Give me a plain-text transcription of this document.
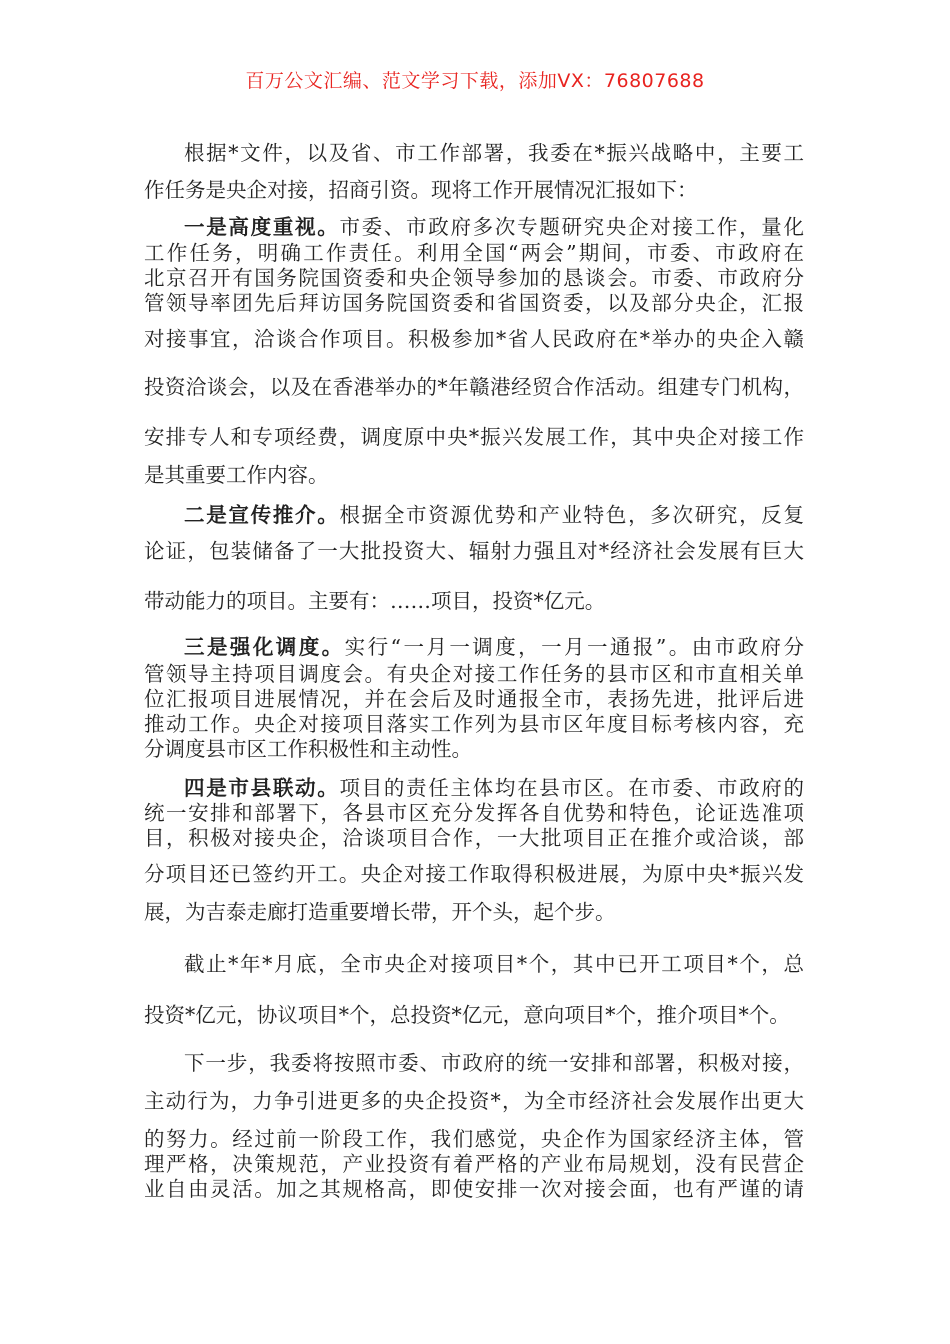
百万公文汇编、范文学习下载，添加VX：76807688
根据*文件，以及省、市工作部署，我委在*振兴战略中，主要工
作任务是央企对接，招商引资。现将工作开展情况汇报如下：
一是高度重视。市委、市政府多次专题研究央企对接工作，量化
工作任务，明确工作责任。利用全国“两会”期间，市委、市政府在
北京召开有国务院国资委和央企领导参加的恳谈会。市委、市政府分
管领导率团先后拜访国务院国资委和省国资委，以及部分央企，汇报
对接事宜，洽谈合作项目。积极参加*省人民政府在*举办的央企入赣
投资洽谈会，以及在香港举办的*年赣港经贸合作活动。组建专门机构，
安排专人和专项经费，调度原中央*振兴发展工作，其中央企对接工作
是其重要工作内容。
二是宣传推介。根据全市资源优势和产业特色，多次研究，反复
论证，包装储备了一大批投资大、辐射力强且对*经济社会发展有巨大
带动能力的项目。主要有：……项目，投资*亿元。
三是强化调度。实行“一月一调度，一月一通报”。由市政府分
管领导主持项目调度会。有央企对接工作任务的县市区和市直相关单
位汇报项目进展情况，并在会后及时通报全市，表扬先进，批评后进
推动工作。央企对接项目落实工作列为县市区年度目标考核内容，充
分调度县市区工作积极性和主动性。
四是市县联动。项目的责任主体均在县市区。在市委、市政府的
统一安排和部署下，各县市区充分发挥各自优势和特色，论证选准项
目，积极对接央企，洽谈项目合作，一大批项目正在推介或洽谈，部
分项目还已签约开工。央企对接工作取得积极进展，为原中央*振兴发
展，为吉泰走廊打造重要增长带，开个头，起个步。
截止*年*月底，全市央企对接项目*个，其中已开工项目*个，总
投资*亿元，协议项目*个，总投资*亿元，意向项目*个，推介项目*个。
下一步，我委将按照市委、市政府的统一安排和部署，积极对接，
主动行为，力争引进更多的央企投资*，为全市经济社会发展作出更大
的努力。经过前一阶段工作，我们感觉，央企作为国家经济主体，管
理严格，决策规范，产业投资有着严格的产业布局规划，没有民营企
业自由灵活。加之其规格高，即使安排一次对接会面，也有严谨的请
